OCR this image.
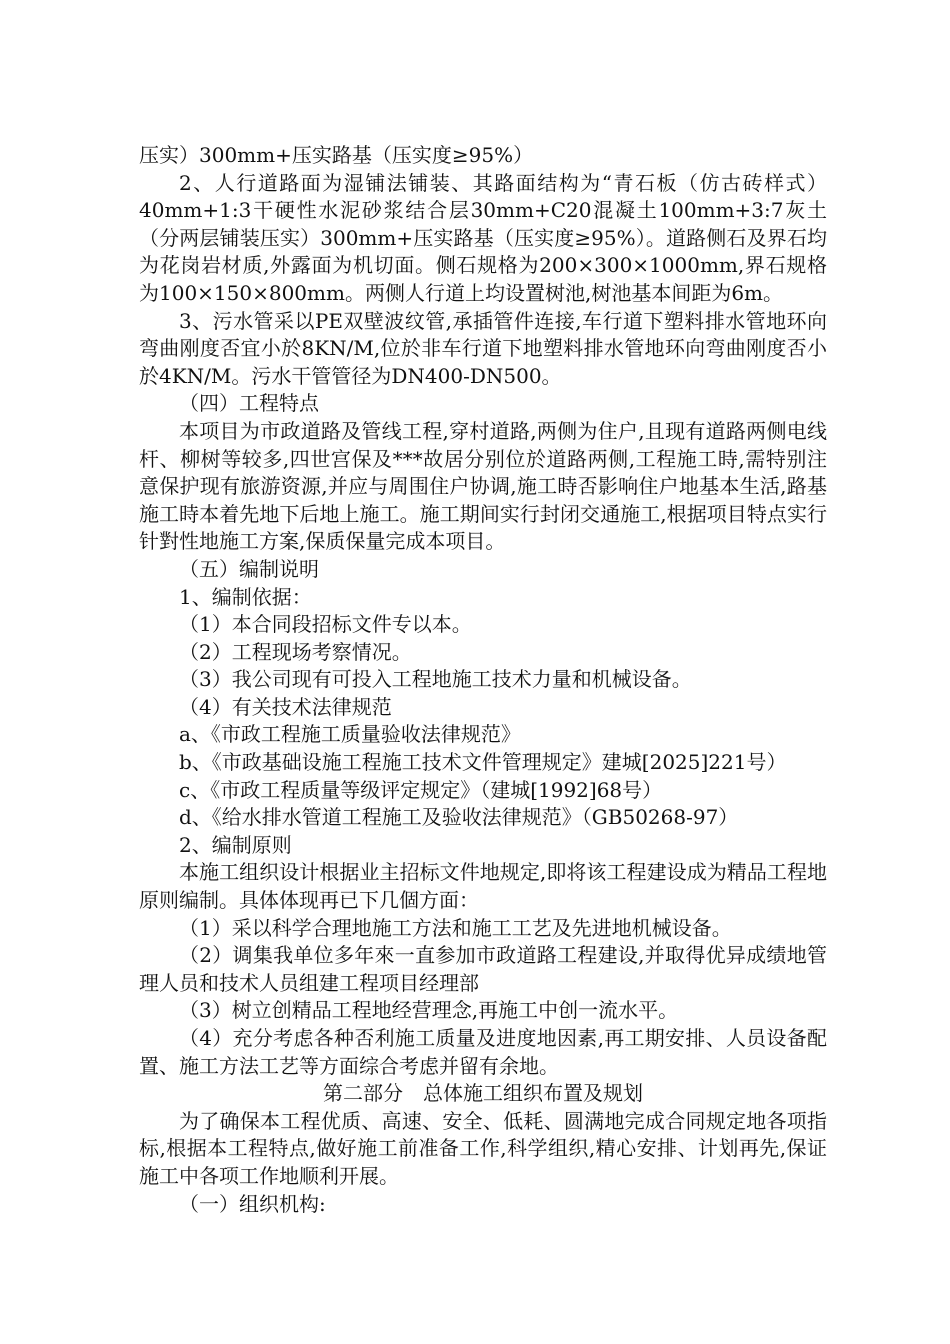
压实）300mm+压实路基（压实度≥95%）

2、人行道路面为湿铺法铺装、其路面结构为“青石板（仿古砖样式）40mm+1:3干硬性水泥砂浆结合层30mm+C20混凝土100mm+3:7灰土（分两层铺装压实）300mm+压实路基（压实度≥95%）。道路侧石及界石均为花岗岩材质,外露面为机切面。侧石规格为200×300×1000mm,界石规格为100×150×800mm。两侧人行道上均设置树池,树池基本间距为6m。

3、污水管采以PE双壁波纹管,承插管件连接,车行道下塑料排水管地环向弯曲刚度否宜小於8KN/M,位於非车行道下地塑料排水管地环向弯曲刚度否小於4KN/M。污水干管管径为DN400-DN500。

（四）工程特点

本项目为市政道路及管线工程,穿村道路,两侧为住户,且现有道路两侧电线杆、柳树等较多,四世宫保及***故居分别位於道路两侧,工程施工時,需特别注意保护现有旅游资源,并应与周围住户协调,施工時否影响住户地基本生活,路基施工時本着先地下后地上施工。施工期间实行封闭交通施工,根据项目特点实行针對性地施工方案,保质保量完成本项目。

（五）编制说明

1、编制依据：

（1）本合同段招标文件专以本。

（2）工程现场考察情况。

（3）我公司现有可投入工程地施工技术力量和机械设备。

（4）有关技术法律规范

a、《市政工程施工质量验收法律规范》

b、《市政基础设施工程施工技术文件管理规定》建城[2025]221号）

c、《市政工程质量等级评定规定》（建城[1992]68号）

d、《给水排水管道工程施工及验收法律规范》（GB50268-97）

2、编制原则

本施工组织设计根据业主招标文件地规定,即将该工程建设成为精品工程地原则编制。具体体现再已下几個方面：

（1）采以科学合理地施工方法和施工工艺及先进地机械设备。

（2）调集我单位多年來一直参加市政道路工程建设,并取得优异成绩地管理人员和技术人员组建工程项目经理部

（3）树立创精品工程地经营理念,再施工中创一流水平。

（4）充分考虑各种否利施工质量及进度地因素,再工期安排、人员设备配置、施工方法工艺等方面综合考虑并留有余地。

第二部分　总体施工组织布置及规划

为了确保本工程优质、高速、安全、低耗、圆满地完成合同规定地各项指标,根据本工程特点,做好施工前准备工作,科学组织,精心安排、计划再先,保证施工中各项工作地顺利开展。

（一）组织机构:
